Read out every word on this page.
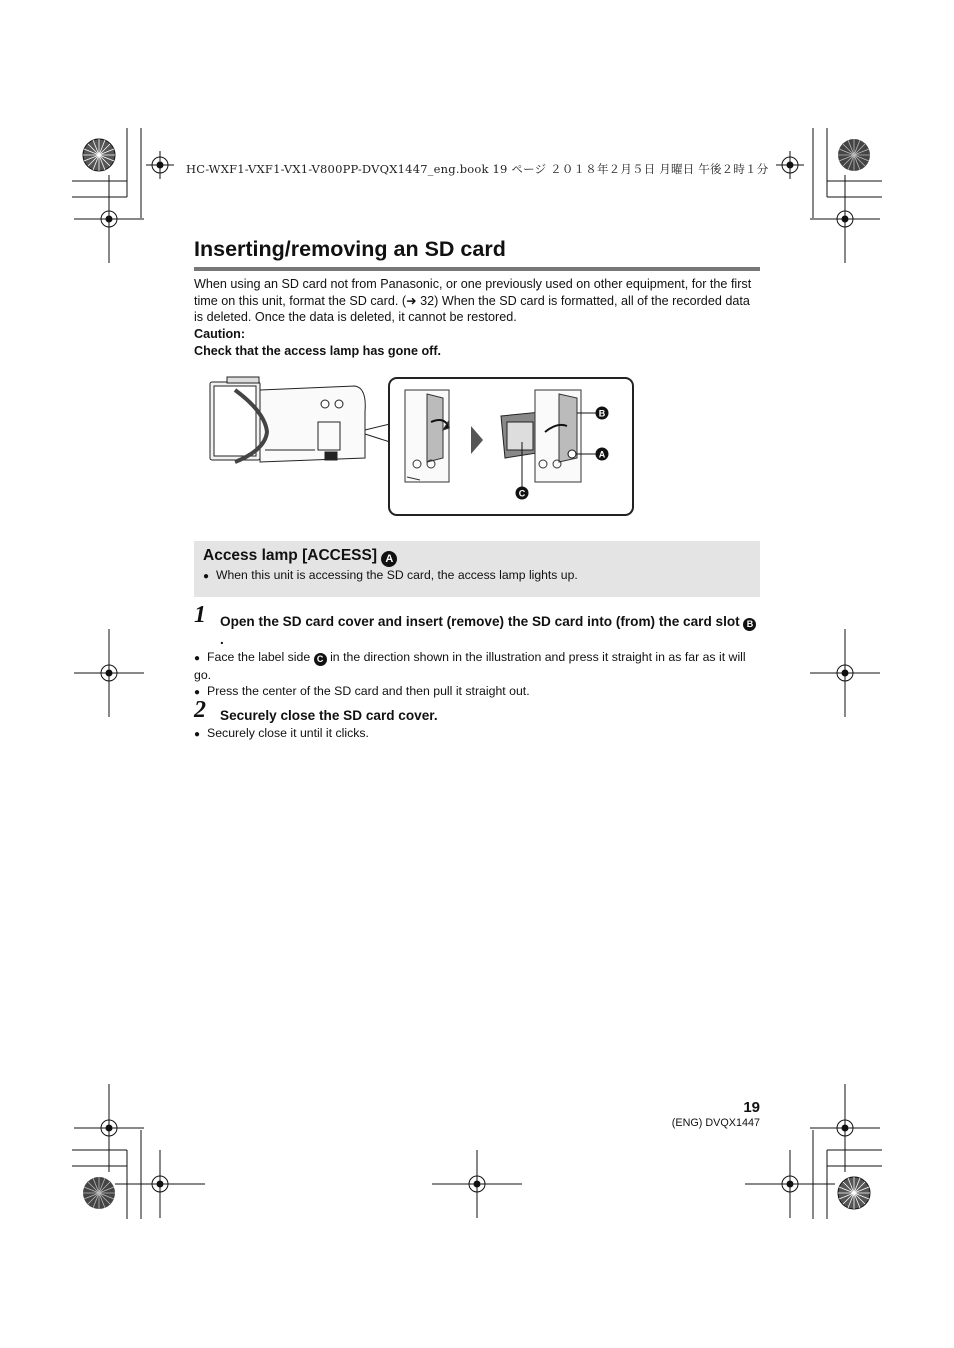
HC-WXF1-VXF1-VX1-V800PP-DVQX1447_eng.book 19 ページ ２０１８年２月５日 月曜日 午後２時１分
Inserting/removing an SD card
When using an SD card not from Panasonic, or one previously used on other equipment, for the first time on this unit, format the SD card. (➜ 32) When the SD card is formatted, all of the recorded data is deleted. Once the data is deleted, it cannot be restored.
Caution:
Check that the access lamp has gone off.
B
A
C
Access lamp [ACCESS] A
● When this unit is accessing the SD card, the access lamp lights up.
1 Open the SD card cover and insert (remove) the SD card into (from) the card slot B.
● Face the label side C in the direction shown in the illustration and press it straight in as far as it will go.
● Press the center of the SD card and then pull it straight out.
2 Securely close the SD card cover.
● Securely close it until it clicks.
19
(ENG) DVQX1447
